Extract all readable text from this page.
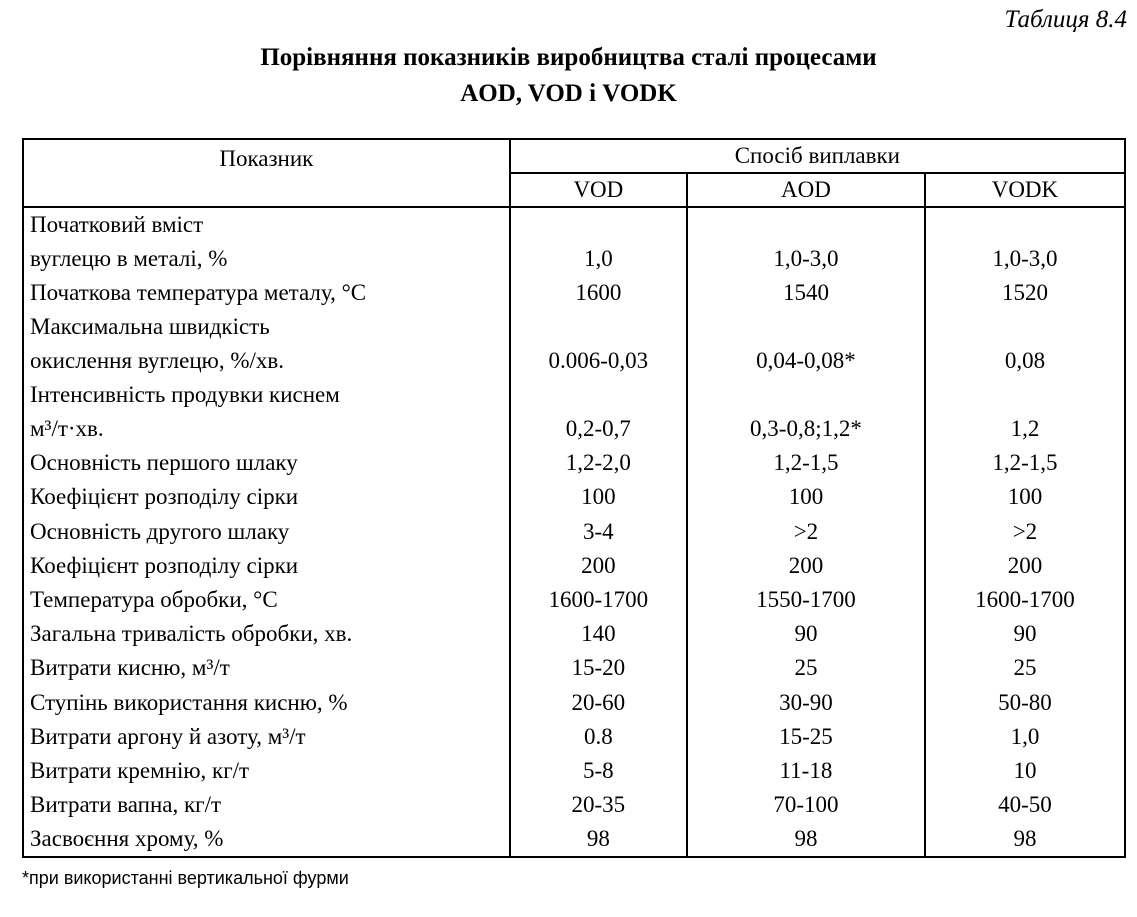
Таблиця 8.4
Порівняння показників виробництва сталі процесами
AOD, VOD і VODK
Показник	Спосіб виплавки		
	VOD	AOD	VODK

Початковий вміст
вуглецю в металі, %	1,0	1,0-3,0	1,0-3,0

Початкова температура металу, °С	1600	1540	1520

Максимальна швидкість
окислення вуглецю, %/хв.	0.006-0,03	0,04-0,08*	0,08

Інтенсивність продувки киснем
м³/т·хв.	0,2-0,7	0,3-0,8;1,2*	1,2

Основність першого шлаку	1,2-2,0	1,2-1,5	1,2-1,5

Коефіцієнт розподілу сірки	100	100	100

Основність другого шлаку	3-4	>2	>2

Коефіцієнт розподілу сірки	200	200	200

Температура обробки, °С	1600-1700	1550-1700	1600-1700

Загальна тривалість обробки, хв.	140	90	90

Витрати кисню, м³/т	15-20	25	25

Ступінь використання кисню, %	20-60	30-90	50-80

Витрати аргону й азоту, м³/т	0.8	15-25	1,0

Витрати кремнію, кг/т	5-8	11-18	10

Витрати вапна, кг/т	20-35	70-100	40-50

Засвоєння хрому, %	98	98	98
*при використанні вертикальної фурми
